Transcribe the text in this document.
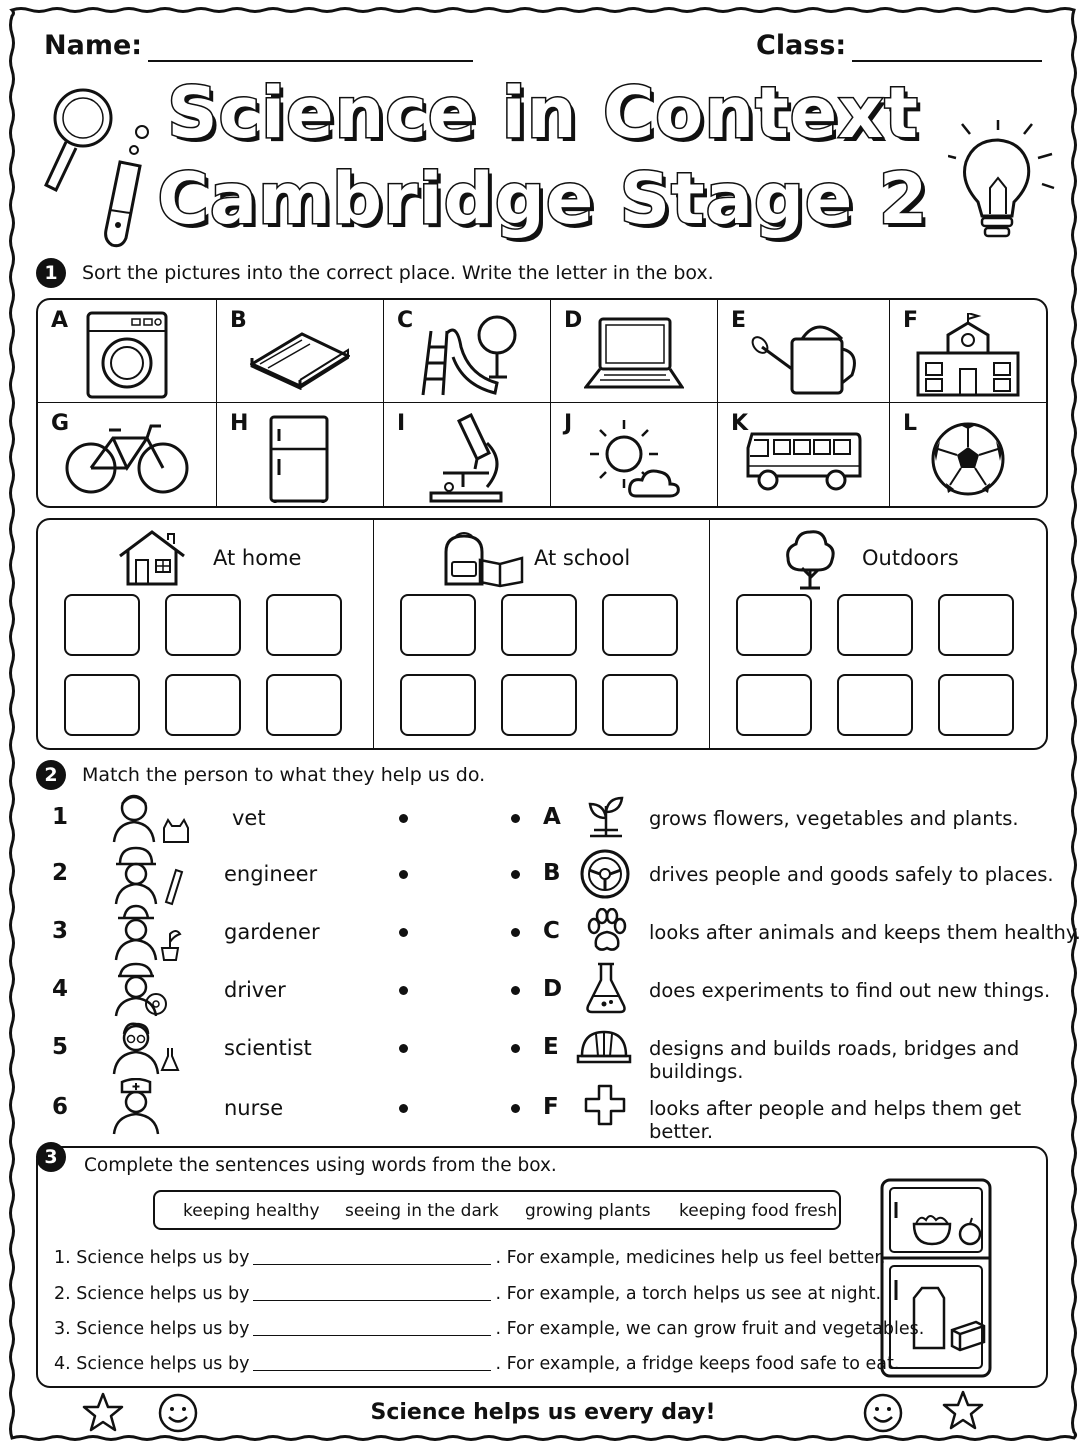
Name:	Class:
Science in Context
Cambridge Stage 2
1	Sort the pictures into the correct place. Write the letter in the box.
A	B	C	D	E	F
G	H	I	J	K	L
At home	At school	Outdoors
2	Match the person to what they help us do.
1	vet	A	grows flowers, vegetables and plants.
2	engineer	B	drives people and goods safely to places.
3	gardener	C	looks after animals and keeps them healthy.
4	driver	D	does experiments to find out new things.
5	scientist	E	designs and builds roads, bridges and buildings.
6	nurse	F	looks after people and helps them get better.
keeping healthy seeing in the dark growing plants keeping food fresh
1. Science helps us by	. For example, medicines help us feel better.
2. Science helps us by	. For example, a torch helps us see at night.
3. Science helps us by	. For example, we can grow fruit and vegetables.
4. Science helps us by	. For example, a fridge keeps food safe to eat.
3	Complete the sentences using words from the box.
Science helps us every day!
